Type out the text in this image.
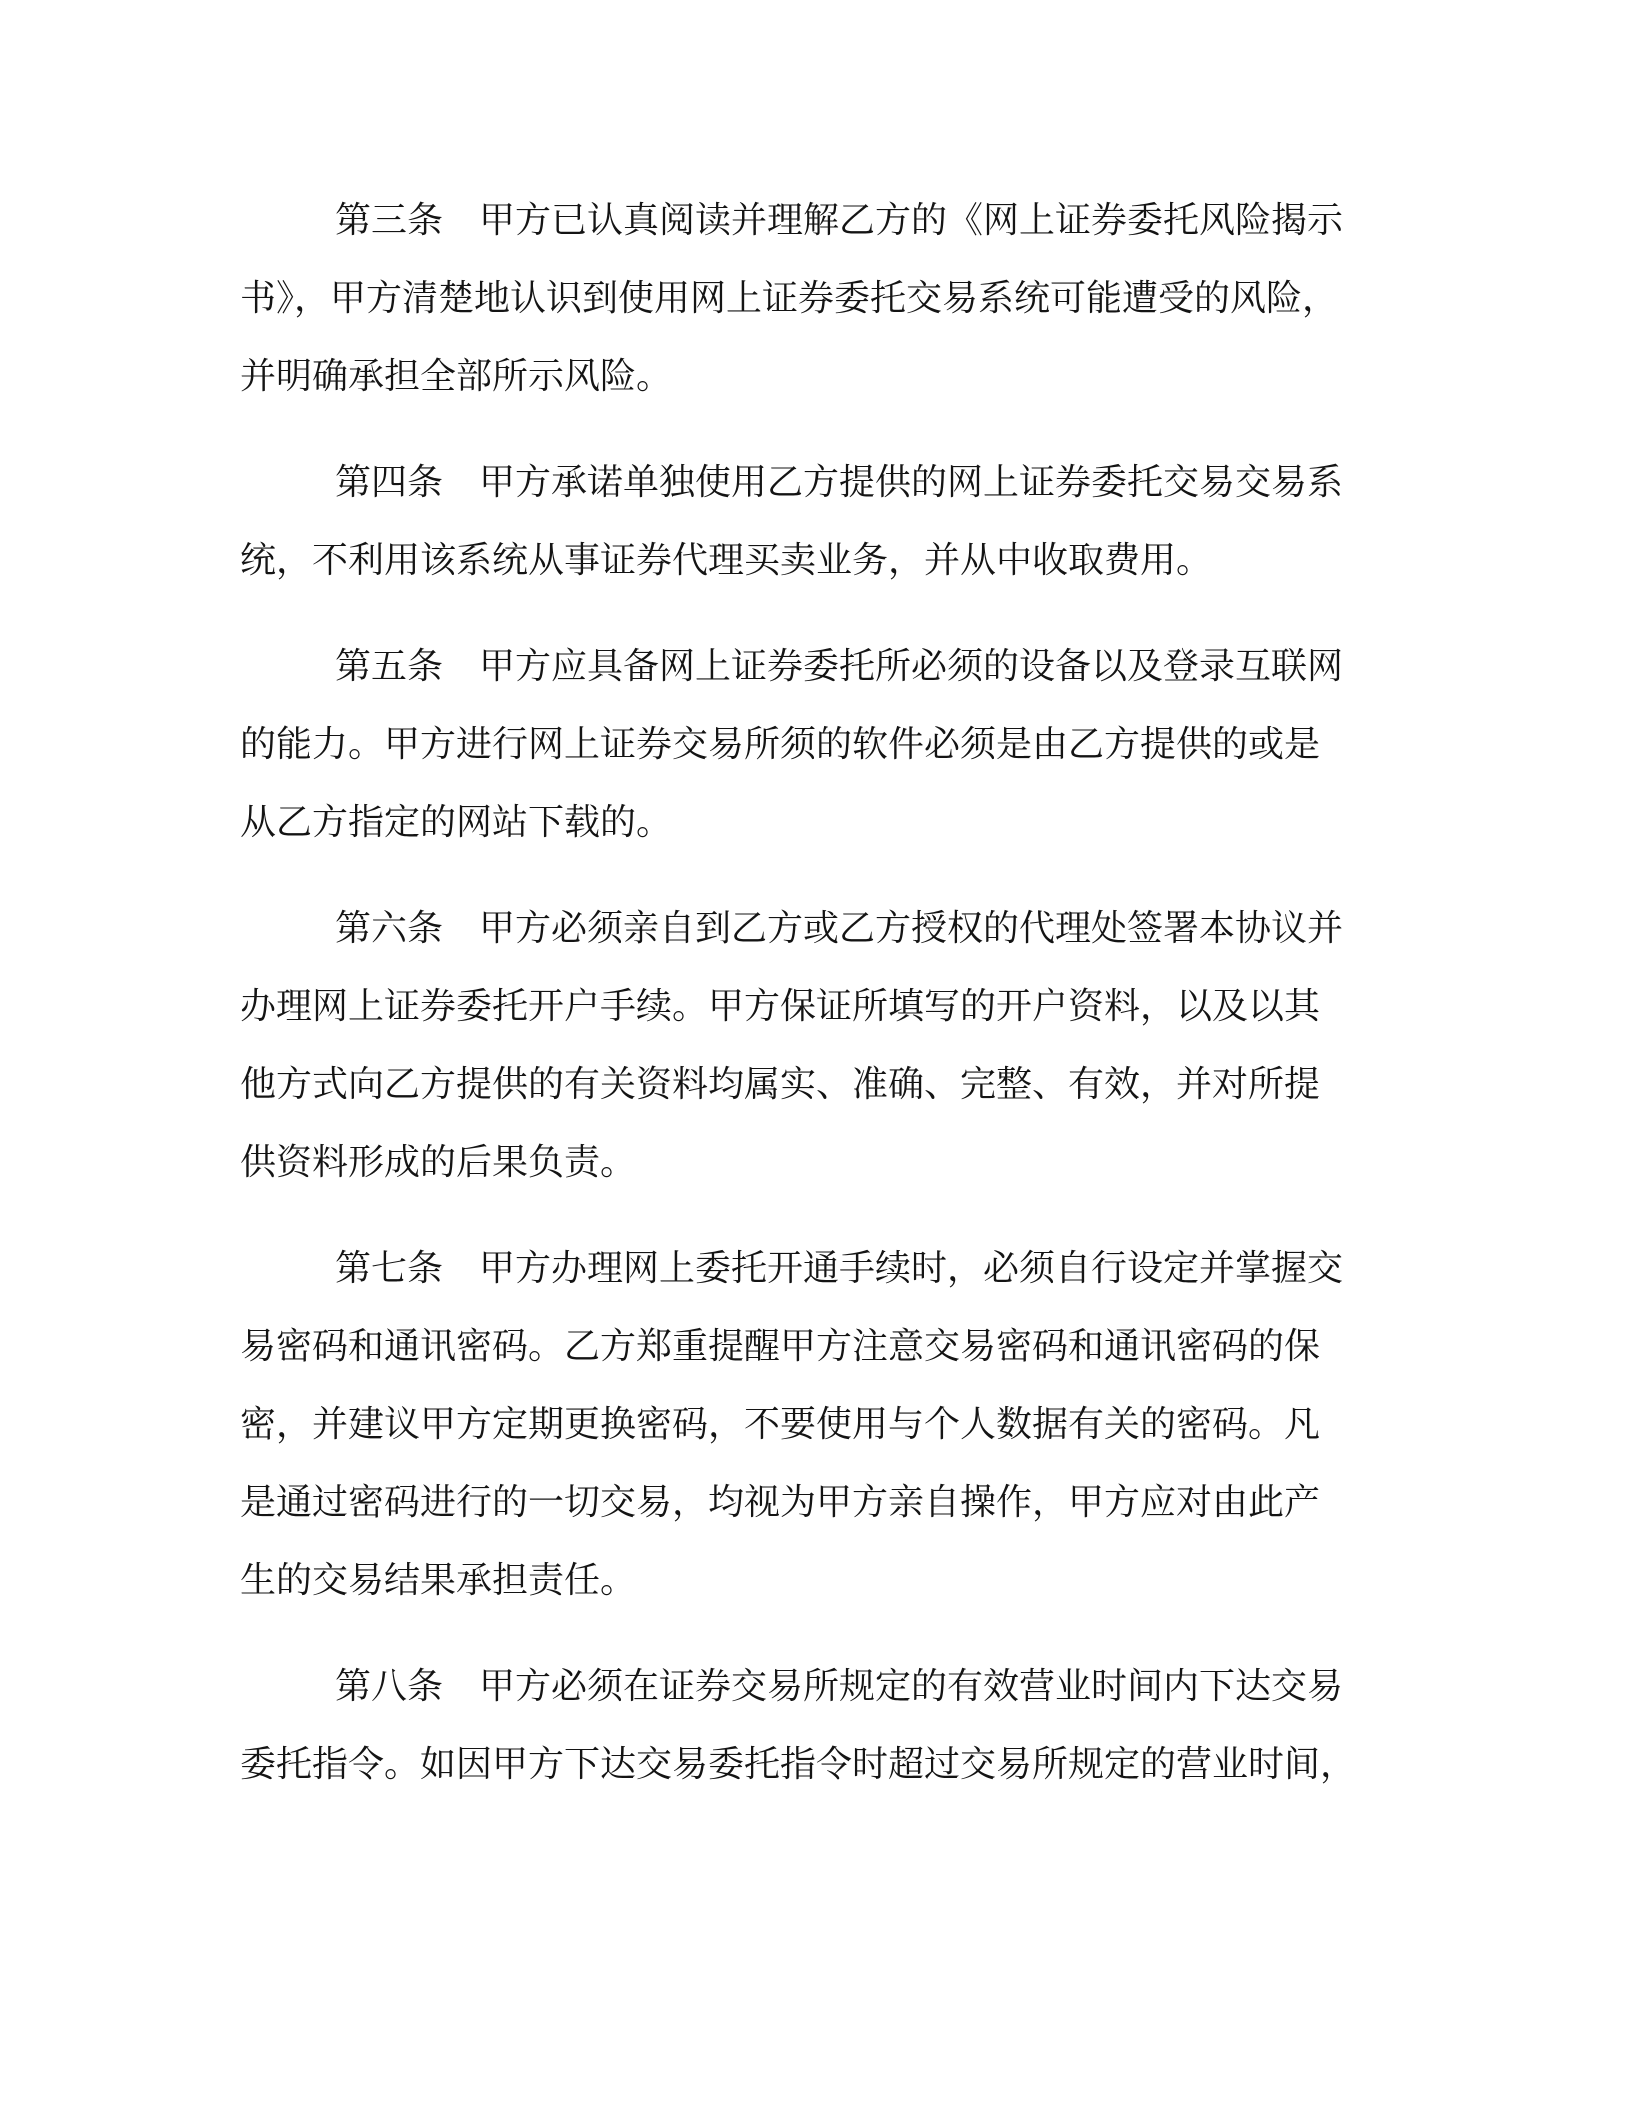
第三条 甲方已认真阅读并理解乙方的《网上证券委托风险揭示
书》，甲方清楚地认识到使用网上证券委托交易系统可能遭受的风险，
并明确承担全部所示风险。
第四条 甲方承诺单独使用乙方提供的网上证券委托交易交易系
统，不利用该系统从事证券代理买卖业务，并从中收取费用。
第五条 甲方应具备网上证券委托所必须的设备以及登录互联网
的能力。甲方进行网上证券交易所须的软件必须是由乙方提供的或是
从乙方指定的网站下载的。
第六条 甲方必须亲自到乙方或乙方授权的代理处签署本协议并
办理网上证券委托开户手续。甲方保证所填写的开户资料，以及以其
他方式向乙方提供的有关资料均属实、准确、完整、有效，并对所提
供资料形成的后果负责。
第七条 甲方办理网上委托开通手续时，必须自行设定并掌握交
易密码和通讯密码。乙方郑重提醒甲方注意交易密码和通讯密码的保
密，并建议甲方定期更换密码，不要使用与个人数据有关的密码。凡
是通过密码进行的一切交易，均视为甲方亲自操作，甲方应对由此产
生的交易结果承担责任。
第八条 甲方必须在证券交易所规定的有效营业时间内下达交易
委托指令。如因甲方下达交易委托指令时超过交易所规定的营业时间，
